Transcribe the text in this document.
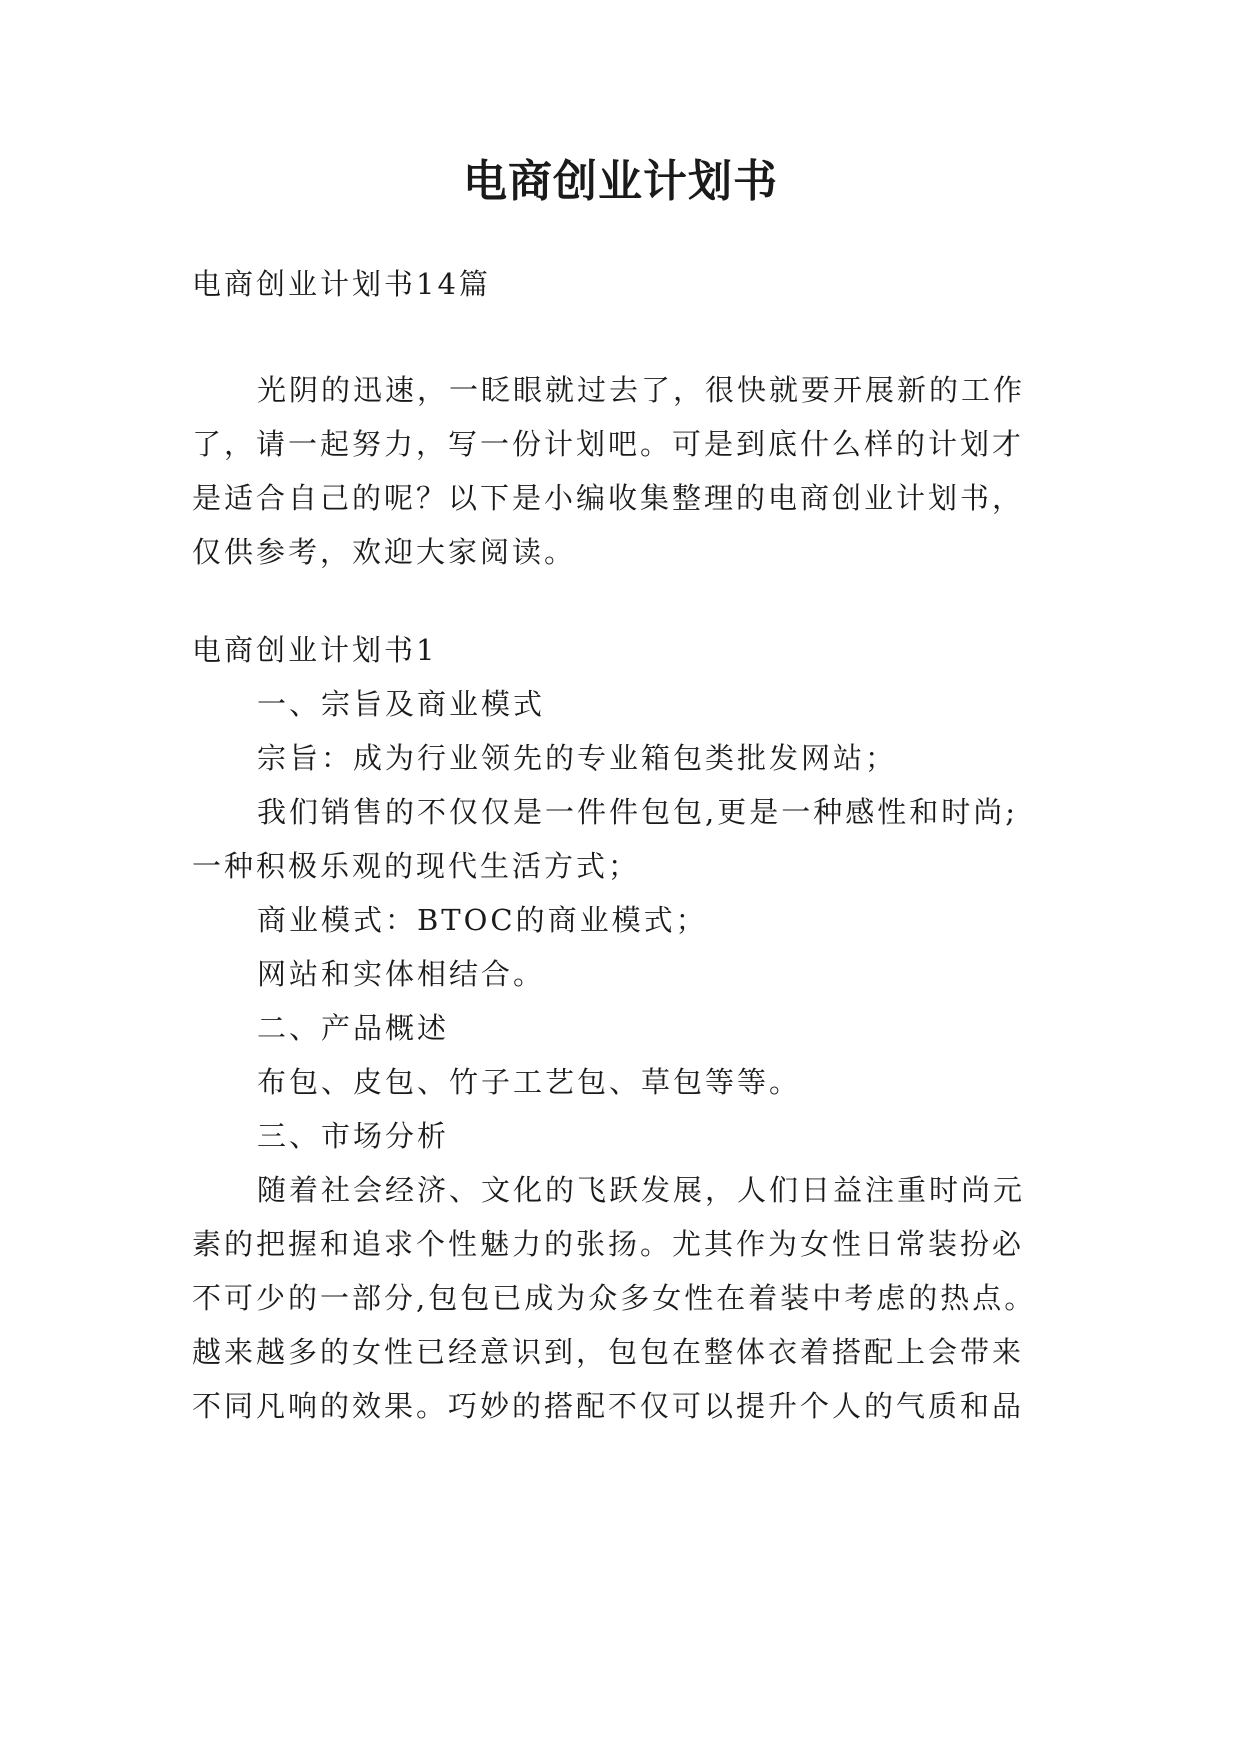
电商创业计划书
电商创业计划书14篇
光阴的迅速，一眨眼就过去了，很快就要开展新的工作
了，请一起努力，写一份计划吧。可是到底什么样的计划才
是适合自己的呢？以下是小编收集整理的电商创业计划书，
仅供参考，欢迎大家阅读。
电商创业计划书1
一、宗旨及商业模式
宗旨：成为行业领先的专业箱包类批发网站；
我们销售的不仅仅是一件件包包,更是一种感性和时尚;
一种积极乐观的现代生活方式；
商业模式：BTOC的商业模式；
网站和实体相结合。
二、产品概述
布包、皮包、竹子工艺包、草包等等。
三、市场分析
随着社会经济、文化的飞跃发展，人们日益注重时尚元
素的把握和追求个性魅力的张扬。尤其作为女性日常装扮必
不可少的一部分,包包已成为众多女性在着装中考虑的热点。
越来越多的女性已经意识到，包包在整体衣着搭配上会带来
不同凡响的效果。巧妙的搭配不仅可以提升个人的气质和品
